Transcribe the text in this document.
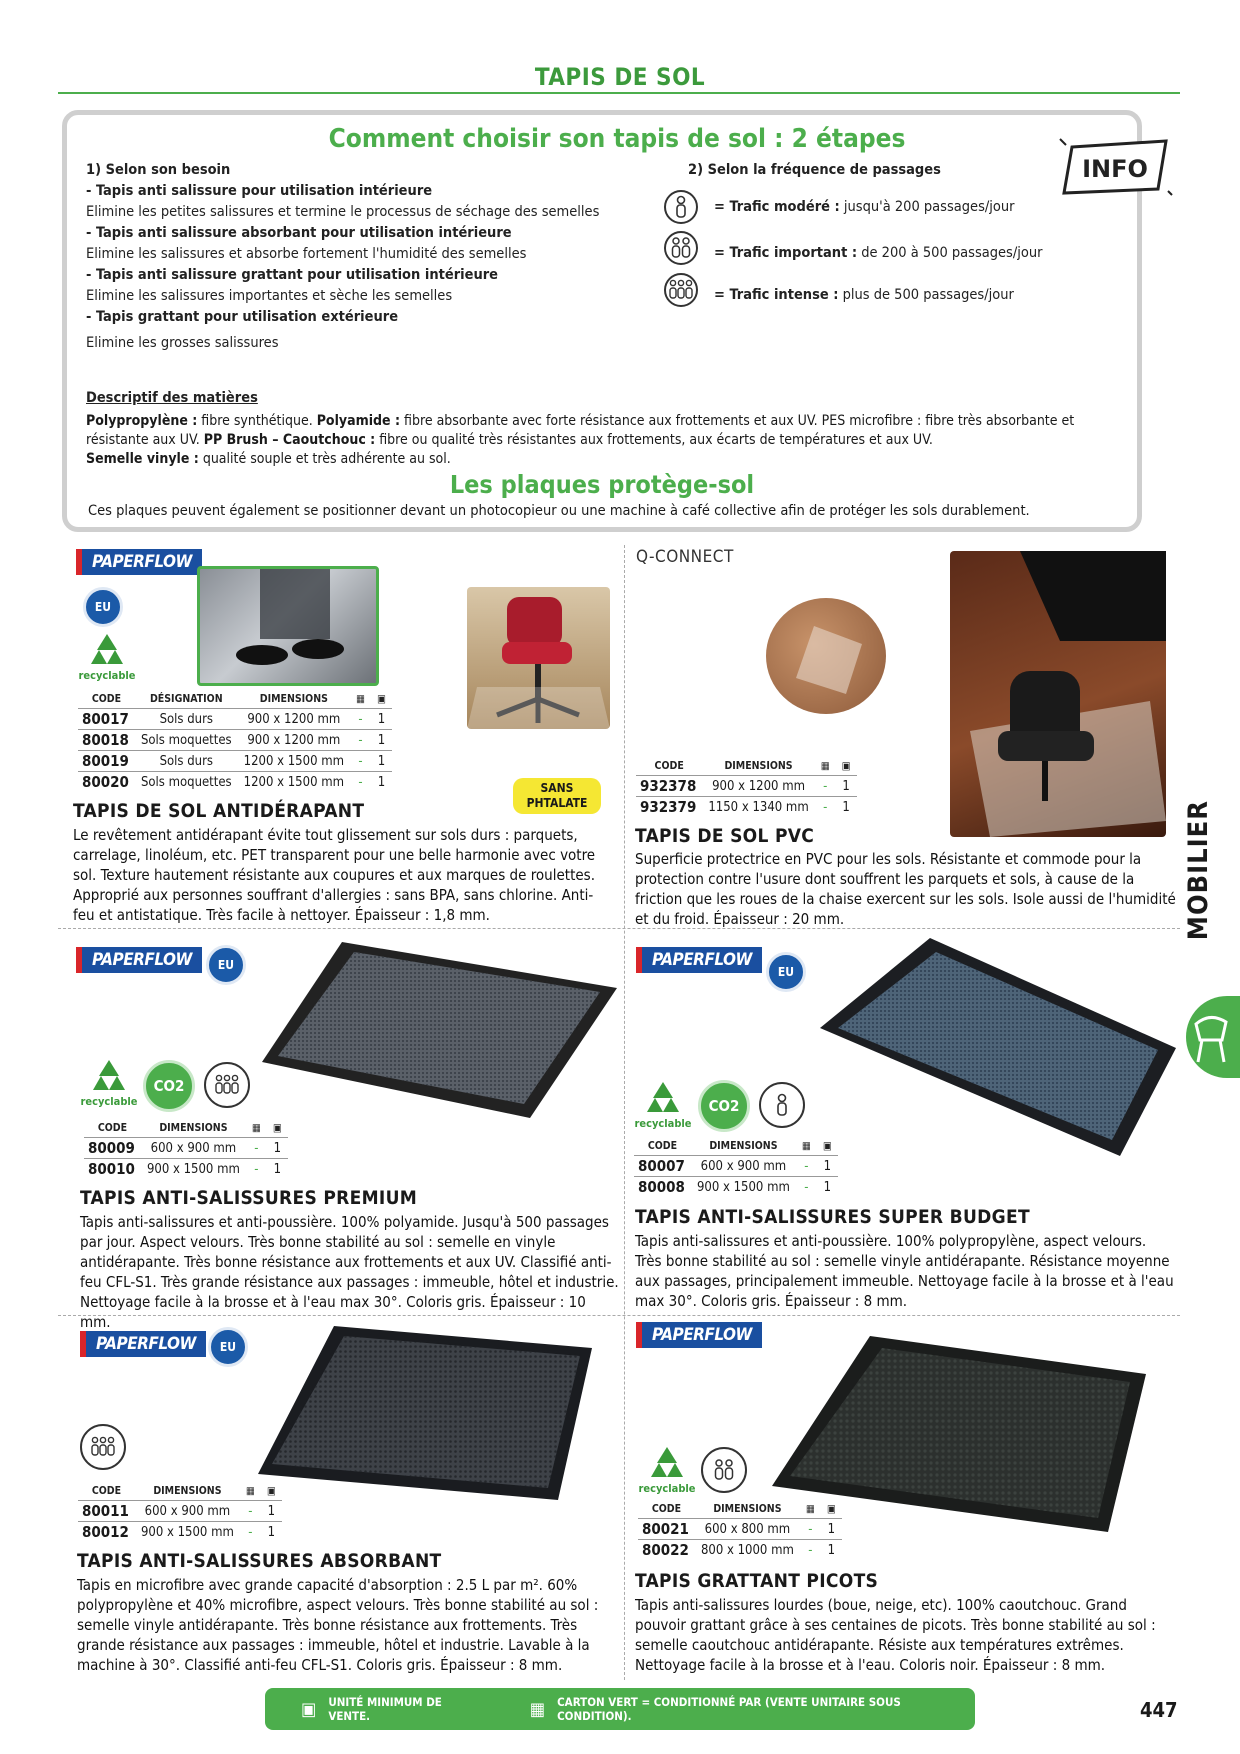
TAPIS DE SOL
Comment choisir son tapis de sol : 2 étapes
INFO
1) Selon son besoin
- Tapis anti salissure pour utilisation intérieure
Elimine les petites salissures et termine le processus de séchage des semelles
- Tapis anti salissure absorbant pour utilisation intérieure
Elimine les salissures et absorbe fortement l'humidité des semelles
- Tapis anti salissure grattant pour utilisation intérieure
Elimine les salissures importantes et sèche les semelles
- Tapis grattant pour utilisation extérieure
Elimine les grosses salissures
2) Selon la fréquence de passages
= Trafic modéré : jusqu'à 200 passages/jour
= Trafic important : de 200 à 500 passages/jour
= Trafic intense : plus de 500 passages/jour
Descriptif des matières
Polypropylène : fibre synthétique. Polyamide : fibre absorbante avec forte résistance aux frottements et aux UV. PES microfibre : fibre très absorbante et résistante aux UV. PP Brush – Caoutchouc : fibre ou qualité très résistantes aux frottements, aux écarts de températures et aux UV.
Semelle vinyle : qualité souple et très adhérente au sol.
Les plaques protège-sol
Ces plaques peuvent également se positionner devant un photocopieur ou une machine à café collective afin de protéger les sols durablement.
PAPERFLOW
EU
recyclable
CODE	DÉSIGNATION	DIMENSIONS	▦	▣
80017	Sols durs	900 x 1200 mm	-	1
80018	Sols moquettes	900 x 1200 mm	-	1
80019	Sols durs	1200 x 1500 mm	-	1
80020	Sols moquettes	1200 x 1500 mm	-	1	SANS PHTALATE
TAPIS DE SOL ANTIDÉRAPANT
Le revêtement antidérapant évite tout glissement sur sols durs : parquets, carrelage, linoléum, etc. PET transparent pour une belle harmonie avec votre sol. Texture hautement résistante aux coupures et aux marques de roulettes. Approprié aux personnes souffrant d'allergies : sans BPA, sans chlorine. Anti-feu et antistatique. Très facile à nettoyer. Épaisseur : 1,8 mm.
Q-CONNECT
CODE	DIMENSIONS	▦	▣
932378	900 x 1200 mm	-	1
932379	1150 x 1340 mm	-	1
TAPIS DE SOL PVC
Superficie protectrice en PVC pour les sols. Résistante et commode pour la protection contre l'usure dont souffrent les parquets et sols, à cause de la friction que les roues de la chaise exercent sur les sols. Isole aussi de l'humidité et du froid. Épaisseur : 20 mm.
PAPERFLOW	EU
recyclable
CO2
CODE	DIMENSIONS	▦	▣
80009	600 x 900 mm	-	1
80010	900 x 1500 mm	-	1
TAPIS ANTI-SALISSURES PREMIUM
Tapis anti-salissures et anti-poussière. 100% polyamide. Jusqu'à 500 passages par jour. Aspect velours. Très bonne stabilité au sol : semelle en vinyle antidérapante. Très bonne résistance aux frottements et aux UV. Classifié anti-feu CFL-S1. Très grande résistance aux passages : immeuble, hôtel et industrie. Nettoyage facile à la brosse et à l'eau max 30°. Coloris gris. Épaisseur : 10 mm.
PAPERFLOW
EU
recyclable
CO2
CODE	DIMENSIONS	▦	▣
80007	600 x 900 mm	-	1
80008	900 x 1500 mm	-	1
TAPIS ANTI-SALISSURES SUPER BUDGET
Tapis anti-salissures et anti-poussière. 100% polypropylène, aspect velours. Très bonne stabilité au sol : semelle vinyle antidérapante. Résistance moyenne aux passages, principalement immeuble. Nettoyage facile à la brosse et à l'eau max 30°. Coloris gris. Épaisseur : 8 mm.
PAPERFLOW	EU
CODE	DIMENSIONS	▦	▣
80011	600 x 900 mm	-	1
80012	900 x 1500 mm	-	1
TAPIS ANTI-SALISSURES ABSORBANT
Tapis en microfibre avec grande capacité d'absorption : 2.5 L par m². 60% polypropylène et 40% microfibre, aspect velours. Très bonne stabilité au sol : semelle vinyle antidérapante. Très bonne résistance aux frottements. Très grande résistance aux passages : immeuble, hôtel et industrie. Lavable à la machine à 30°. Classifié anti-feu CFL-S1. Coloris gris. Épaisseur : 8 mm.
PAPERFLOW
recyclable
CODE	DIMENSIONS	▦	▣
80021	600 x 800 mm	-	1
80022	800 x 1000 mm	-	1
TAPIS GRATTANT PICOTS
Tapis anti-salissures lourdes (boue, neige, etc). 100% caoutchouc. Grand pouvoir grattant grâce à ses centaines de picots. Très bonne stabilité au sol : semelle caoutchouc antidérapante. Résiste aux températures extrêmes. Nettoyage facile à la brosse et à l'eau. Coloris noir. Épaisseur : 8 mm.
MOBILIER
▣ UNITÉ MINIMUM DE VENTE.	▦ CARTON VERT = CONDITIONNÉ PAR (VENTE UNITAIRE SOUS CONDITION).	447
